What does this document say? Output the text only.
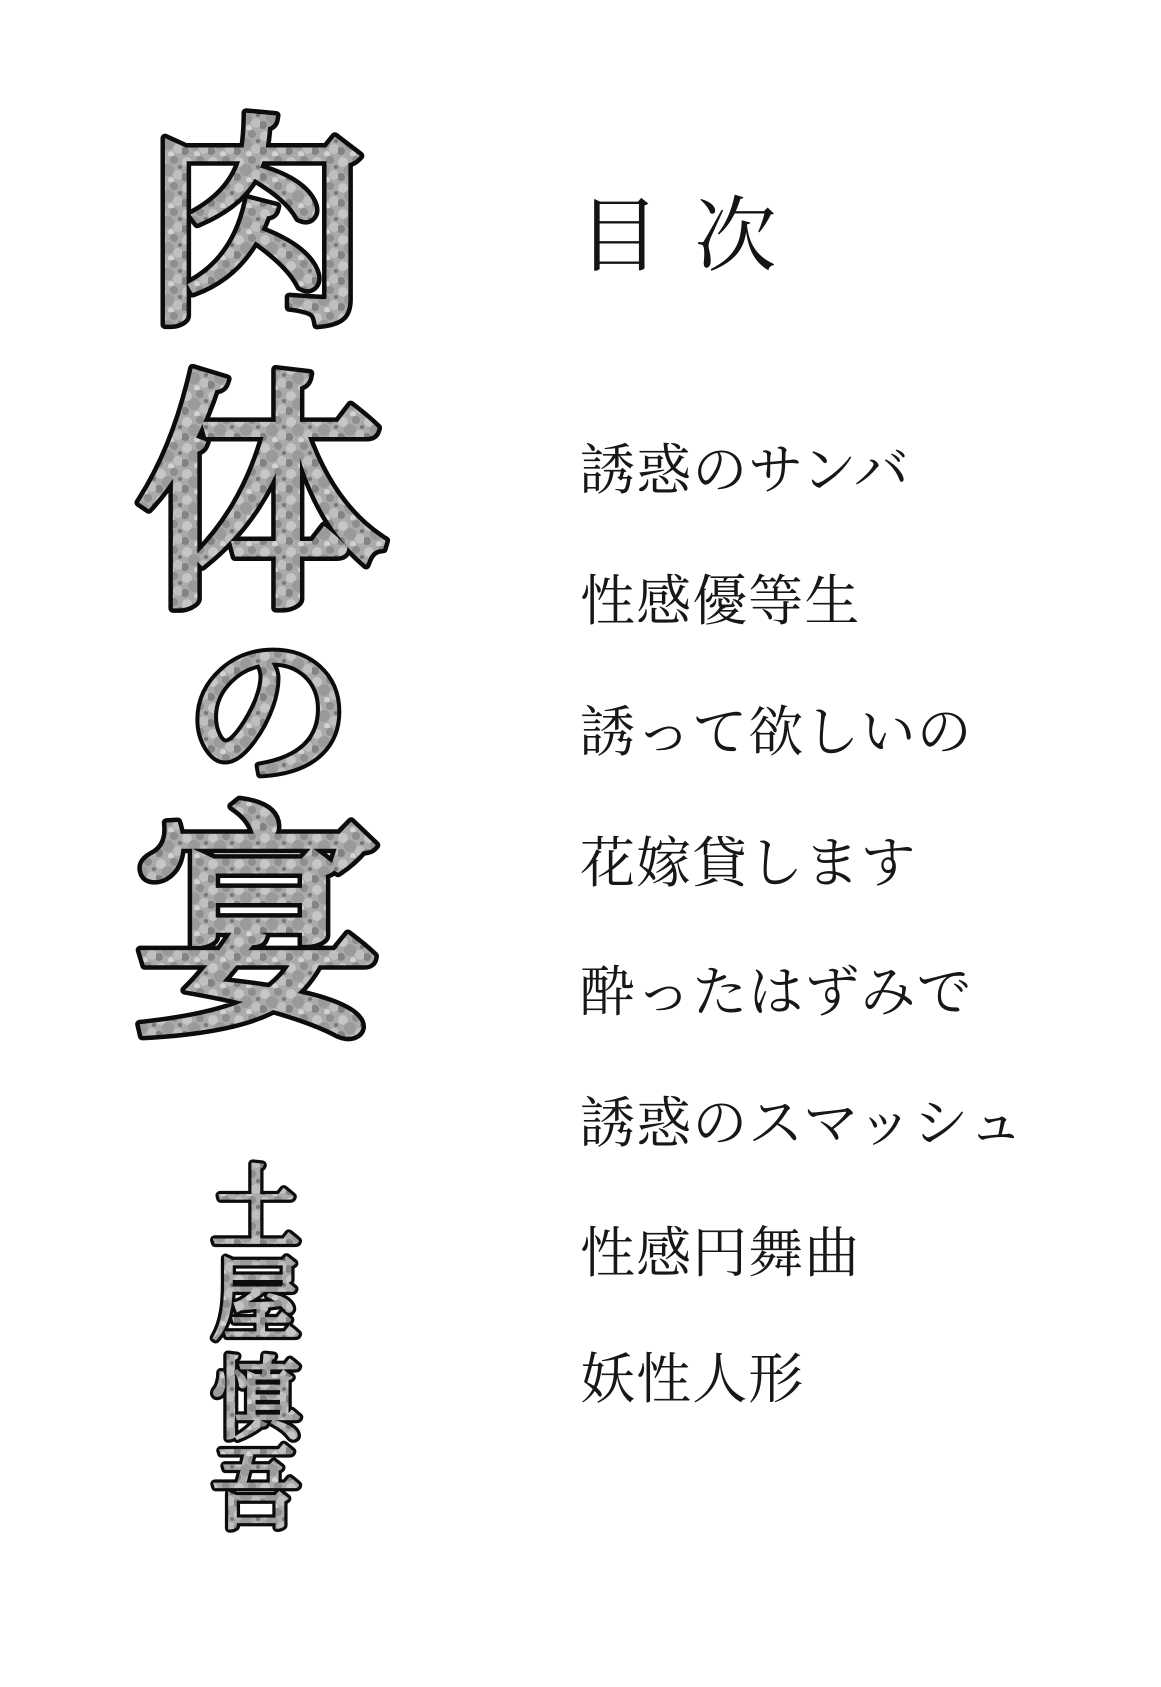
肉
体
の
宴
土
屋
慎
吾
目次
誘惑のサンバ
性感優等生
誘って欲しいの
花嫁貸します
酔ったはずみで
誘惑のスマッシュ
性感円舞曲
妖性人形
